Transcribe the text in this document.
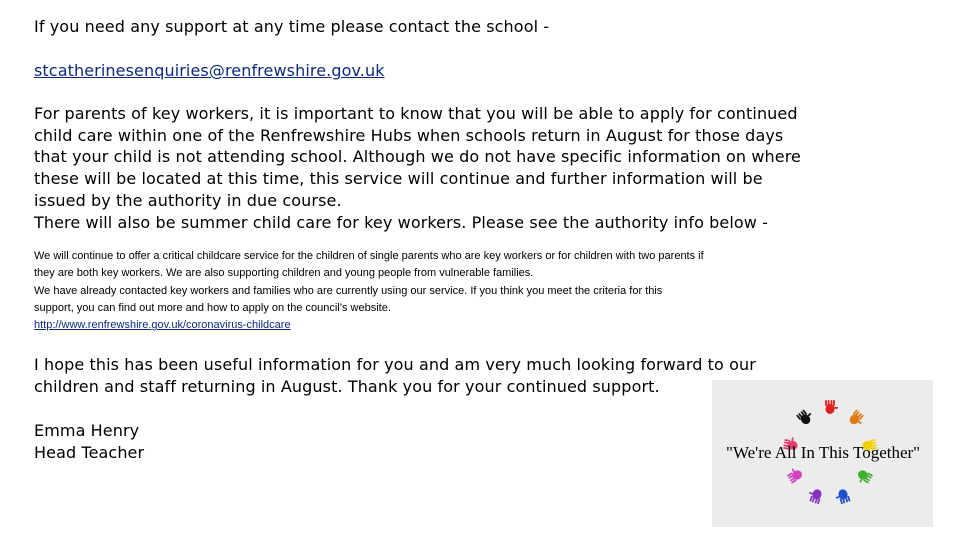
If you need any support at any time please contact the school -
stcatherinesenquiries@renfrewshire.gov.uk
For parents of key workers, it is important to know that you will be able to apply for continued
child care within one of the Renfrewshire Hubs when schools return in August for those days
that your child is not attending school. Although we do not have specific information on where
these will be located at this time, this service will continue and further information will be
issued by the authority in due course.
There will also be summer child care for key workers. Please see the authority info below -
We will continue to offer a critical childcare service for the children of single parents who are key workers or for children with two parents if
they are both key workers. We are also supporting children and young people from vulnerable families.
We have already contacted key workers and families who are currently using our service. If you think you meet the criteria for this
support, you can find out more and how to apply on the council’s website.
http://www.renfrewshire.gov.uk/coronavirus-childcare
I hope this has been useful information for you and am very much looking forward to our
children and staff returning in August. Thank you for your continued support.
Emma Henry
Head Teacher	"We're All In This Together"
